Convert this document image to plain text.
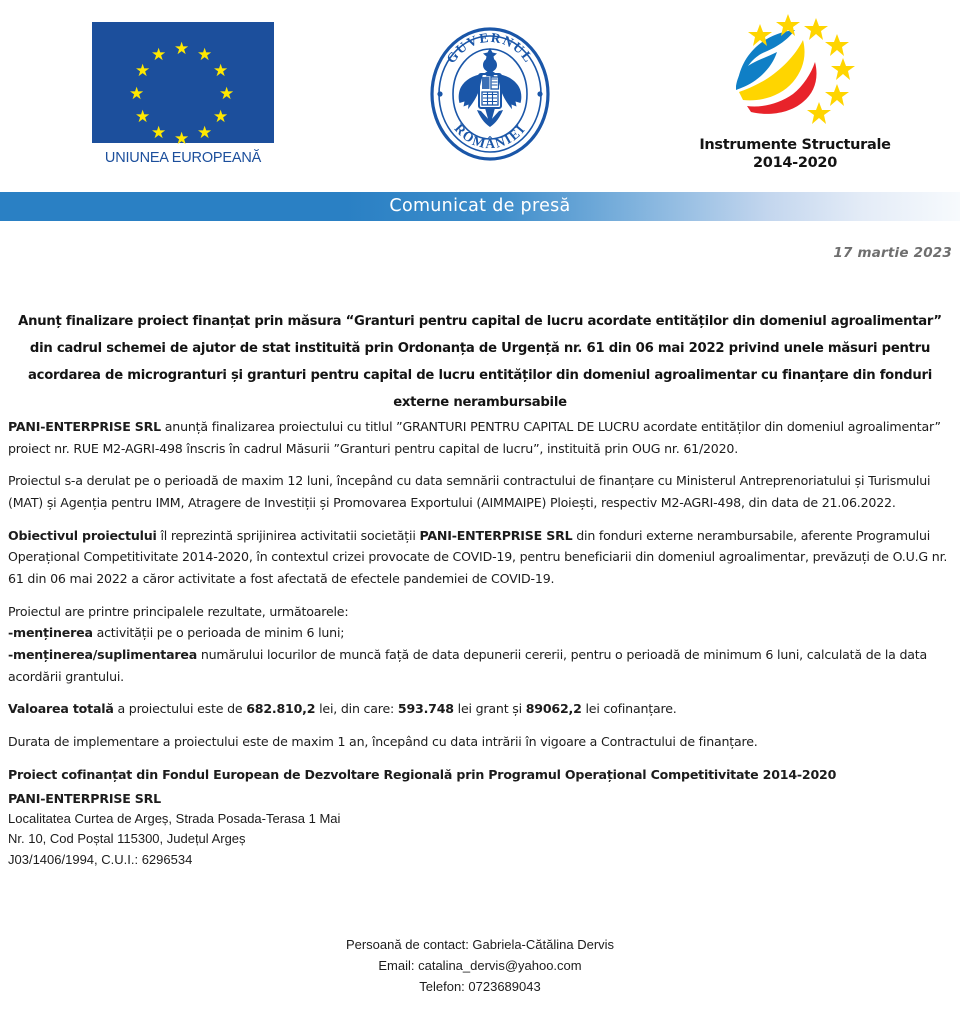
UNIUNEA EUROPEANĂ
GUVERNUL
ROMÂNIEI
Instrumente Structurale
2014-2020
Comunicat de presă
17 martie 2023
Anunț finalizare proiect finanțat prin măsura “Granturi pentru capital de lucru acordate entităților din domeniul agroalimentar” din cadrul schemei de ajutor de stat instituită prin Ordonanța de Urgență nr. 61 din 06 mai 2022 privind unele măsuri pentru acordarea de microgranturi și granturi pentru capital de lucru entităților din domeniul agroalimentar cu finanțare din fonduri externe nerambursabile

PANI-ENTERPRISE SRL anunță finalizarea proiectului cu titlul ”GRANTURI PENTRU CAPITAL DE LUCRU acordate entităților din domeniul agroalimentar” proiect nr. RUE M2-AGRI-498 înscris în cadrul Măsurii ”Granturi pentru capital de lucru”, instituită prin OUG nr. 61/2020.

Proiectul s-a derulat pe o perioadă de maxim 12 luni, începând cu data semnării contractului de finanțare cu Ministerul Antreprenoriatului și Turismului (MAT) și Agenția pentru IMM, Atragere de Investiții și Promovarea Exportului (AIMMAIPE) Ploiești, respectiv M2-AGRI-498, din data de 21.06.2022.

Obiectivul proiectului îl reprezintă sprijinirea activitatii societății PANI-ENTERPRISE SRL din fonduri externe nerambursabile, aferente Programului Operațional Competitivitate 2014-2020, în contextul crizei provocate de COVID-19, pentru beneficiarii din domeniul agroalimentar, prevăzuți de O.U.G nr. 61 din 06 mai 2022 a căror activitate a fost afectată de efectele pandemiei de COVID-19.

Proiectul are printre principalele rezultate, următoarele:

-menținerea activității pe o perioada de minim 6 luni;

-menținerea/suplimentarea numărului locurilor de muncă față de data depunerii cererii, pentru o perioadă de minimum 6 luni, calculată de la data acordării grantului.

Valoarea totală a proiectului este de 682.810,2 lei, din care: 593.748 lei grant și 89062,2 lei cofinanțare.

Durata de implementare a proiectului este de maxim 1 an, începând cu data intrării în vigoare a Contractului de finanțare.

Proiect cofinanțat din Fondul European de Dezvoltare Regională prin Programul Operațional Competitivitate 2014-2020

PANI-ENTERPRISE SRL
Localitatea Curtea de Argeș, Strada Posada-Terasa 1 Mai
Nr. 10, Cod Poștal 115300, Județul Argeș
J03/1406/1994, C.U.I.: 6296534
Persoană de contact: Gabriela-Cătălina Dervis
Email: catalina_dervis@yahoo.com
Telefon: 0723689043
